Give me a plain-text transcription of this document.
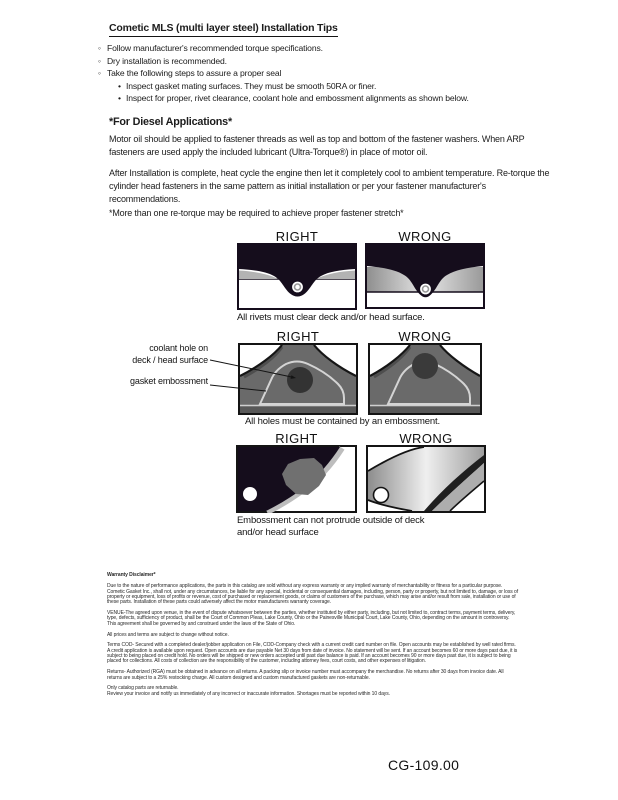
Cometic MLS (multi layer steel) Installation Tips
◦ Follow manufacturer's recommended torque specifications.
◦ Dry installation is recommended.
◦ Take the following steps to assure a proper seal
• Inspect gasket mating surfaces. They must be smooth 50RA or finer.
• Inspect for proper, rivet clearance, coolant hole and embossment alignments as shown below.
*For Diesel Applications*
Motor oil should be applied to fastener threads as well as top and bottom of the fastener washers. When ARP fasteners are used apply the included lubricant (Ultra-Torque®) in place of motor oil.
After Installation is complete, heat cycle the engine then let it completely cool to ambient temperature. Re-torque the cylinder head fasteners in the same pattern as initial installation or per your fastener manufacturer's recommendations.
*More than one re-torque may be required to achieve proper fastener stretch*
RIGHT	WRONG
All rivets must clear deck and/or head surface.
RIGHT	WRONG
coolant hole on
deck / head surface
gasket embossment
All holes must be contained by an embossment.
RIGHT	WRONG
Embossment can not protrude outside of deck and/or head surface

Warranty Disclaimer*

Due to the nature of performance applications, the parts in this catalog are sold without any express warranty or any implied warranty of merchantability or fitness for a particular purpose. Cometic Gasket Inc., shall not, under any circumstances, be liable for any special, incidental or consequential damages, including, person, party or property, but not limited to, damage, or loss of property or equipment, loss of profits or revenue, cost of purchased or replacement goods, or claims of customers of the purchase, which may arise and/or result from sale, installation or use of these parts. Installation of these parts could adversely affect the motor manufacturers warranty coverage.

VENUE-The agreed upon venue, in the event of dispute whatsoever between the parties, whether instituted by either party, including, but not limited to, contract terms, payment terms, delivery, type, defects, sufficiency of product, shall be the Court of Common Pleas, Lake County, Ohio or the Painesville Municipal Court, Lake County, Ohio, depending on the amount in controversy.

This agreement shall be governed by and construed under the laws of the State of Ohio.

All prices and terms are subject to change without notice.

Terms COD- Secured with a completed dealer/jobber application on File, COD-Company check with a current credit card number on file. Open accounts may be established by well rated firms. A credit application is available upon request. Open accounts are due payable Net 30 days from date of invoice. No statement will be sent. If an account becomes 60 or more days past due, it is subject to being placed on credit hold. No orders will be shipped or new orders accepted until past due balance is paid. If an account becomes 90 or more days past due, it is subject to being placed for collections. All costs of collection are the responsibility of the customer, including attorney fees, court costs, and other expenses of litigation.

Returns- Authorized (RGA) must be obtained in advance on all returns. A packing slip or invoice number must accompany the merchandise. No returns after 30 days from invoice date. All returns are subject to a 25% restocking charge. All custom designed and custom manufactured gaskets are non-returnable.

Only catalog parts are returnable.

Review your invoice and notify us immediately of any incorrect or inaccurate information. Shortages must be reported within 10 days.

CG-109.00
